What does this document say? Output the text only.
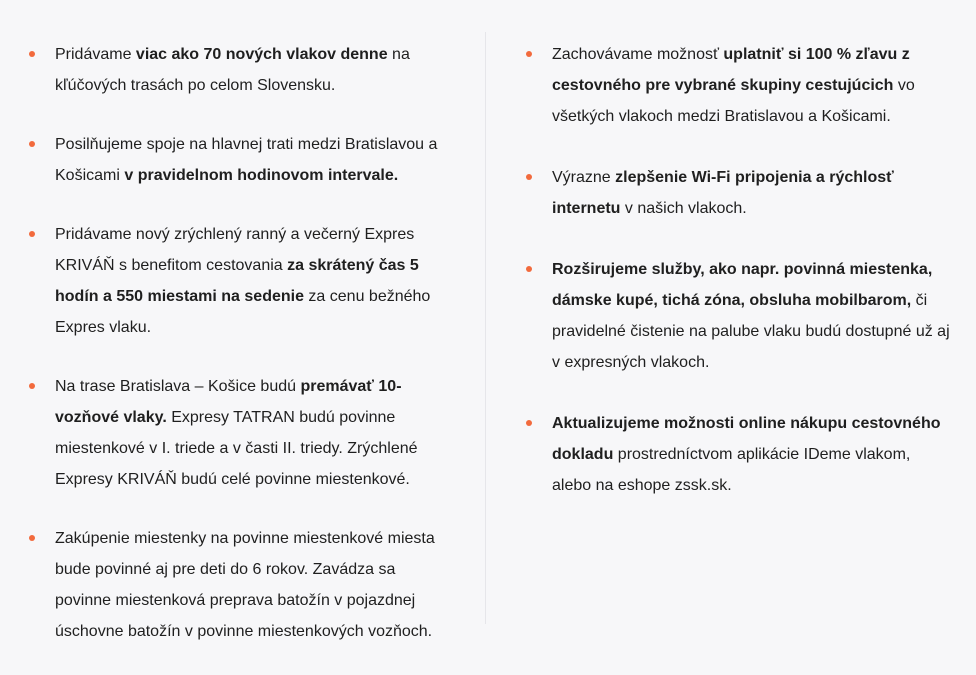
Pridávame viac ako 70 nových vlakov denne na kľúčových trasách po celom Slovensku.
Posilňujeme spoje na hlavnej trati medzi Bratislavou a Košicami v pravidelnom hodinovom intervale.
Pridávame nový zrýchlený ranný a večerný Expres KRIVÁŇ s benefitom cestovania za skrátený čas 5 hodín a 550 miestami na sedenie za cenu bežného Expres vlaku.
Na trase Bratislava – Košice budú premávať 10-vozňové vlaky. Expresy TATRAN budú povinne miestenkové v I. triede a v časti II. triedy. Zrýchlené Expresy KRIVÁŇ budú celé povinne miestenkové.
Zakúpenie miestenky na povinne miestenkové miesta bude povinné aj pre deti do 6 rokov. Zavádza sa povinne miestenková preprava batožín v pojazdnej úschovne batožín v povinne miestenkových vozňoch.
Zachovávame možnosť uplatniť si 100 % zľavu z cestovného pre vybrané skupiny cestujúcich vo všetkých vlakoch medzi Bratislavou a Košicami.
Výrazne zlepšenie Wi-Fi pripojenia a rýchlosť internetu v našich vlakoch.
Rozširujeme služby, ako napr. povinná miestenka, dámske kupé, tichá zóna, obsluha mobilbarom, či pravidelné čistenie na palube vlaku budú dostupné už aj v expresných vlakoch.
Aktualizujeme možnosti online nákupu cestovného dokladu prostredníctvom aplikácie IDeme vlakom, alebo na eshope zssk.sk.
